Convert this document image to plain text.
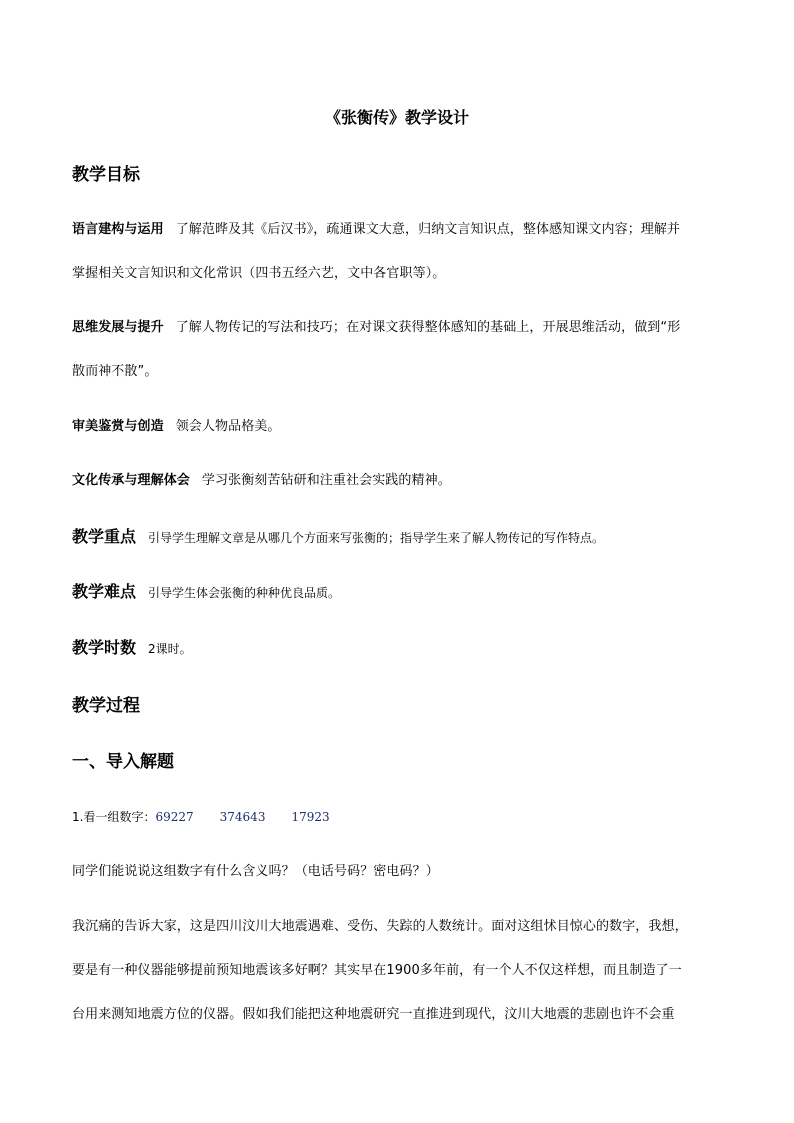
《张衡传》教学设计
教学目标
语言建构与运用 了解范晔及其《后汉书》，疏通课文大意，归纳文言知识点，整体感知课文内容；理解并
掌握相关文言知识和文化常识（四书五经六艺，文中各官职等）。
思维发展与提升 了解人物传记的写法和技巧；在对课文获得整体感知的基础上，开展思维活动，做到“形
散而神不散”。
审美鉴赏与创造 领会人物品格美。
文化传承与理解体会 学习张衡刻苦钻研和注重社会实践的精神。
教学重点 引导学生理解文章是从哪几个方面来写张衡的；指导学生来了解人物传记的写作特点。
教学难点 引导学生体会张衡的种种优良品质。
教学时数 2课时。
教学过程
一、导入解题
1.看一组数字：69227 374643 17923
同学们能说说这组数字有什么含义吗？（电话号码？密电码？）
我沉痛的告诉大家，这是四川汶川大地震遇难、受伤、失踪的人数统计。面对这组怵目惊心的数字，我想，
要是有一种仪器能够提前预知地震该多好啊？其实早在1900多年前，有一个人不仅这样想，而且制造了一
台用来测知地震方位的仪器。假如我们能把这种地震研究一直推进到现代，汶川大地震的悲剧也许不会重
